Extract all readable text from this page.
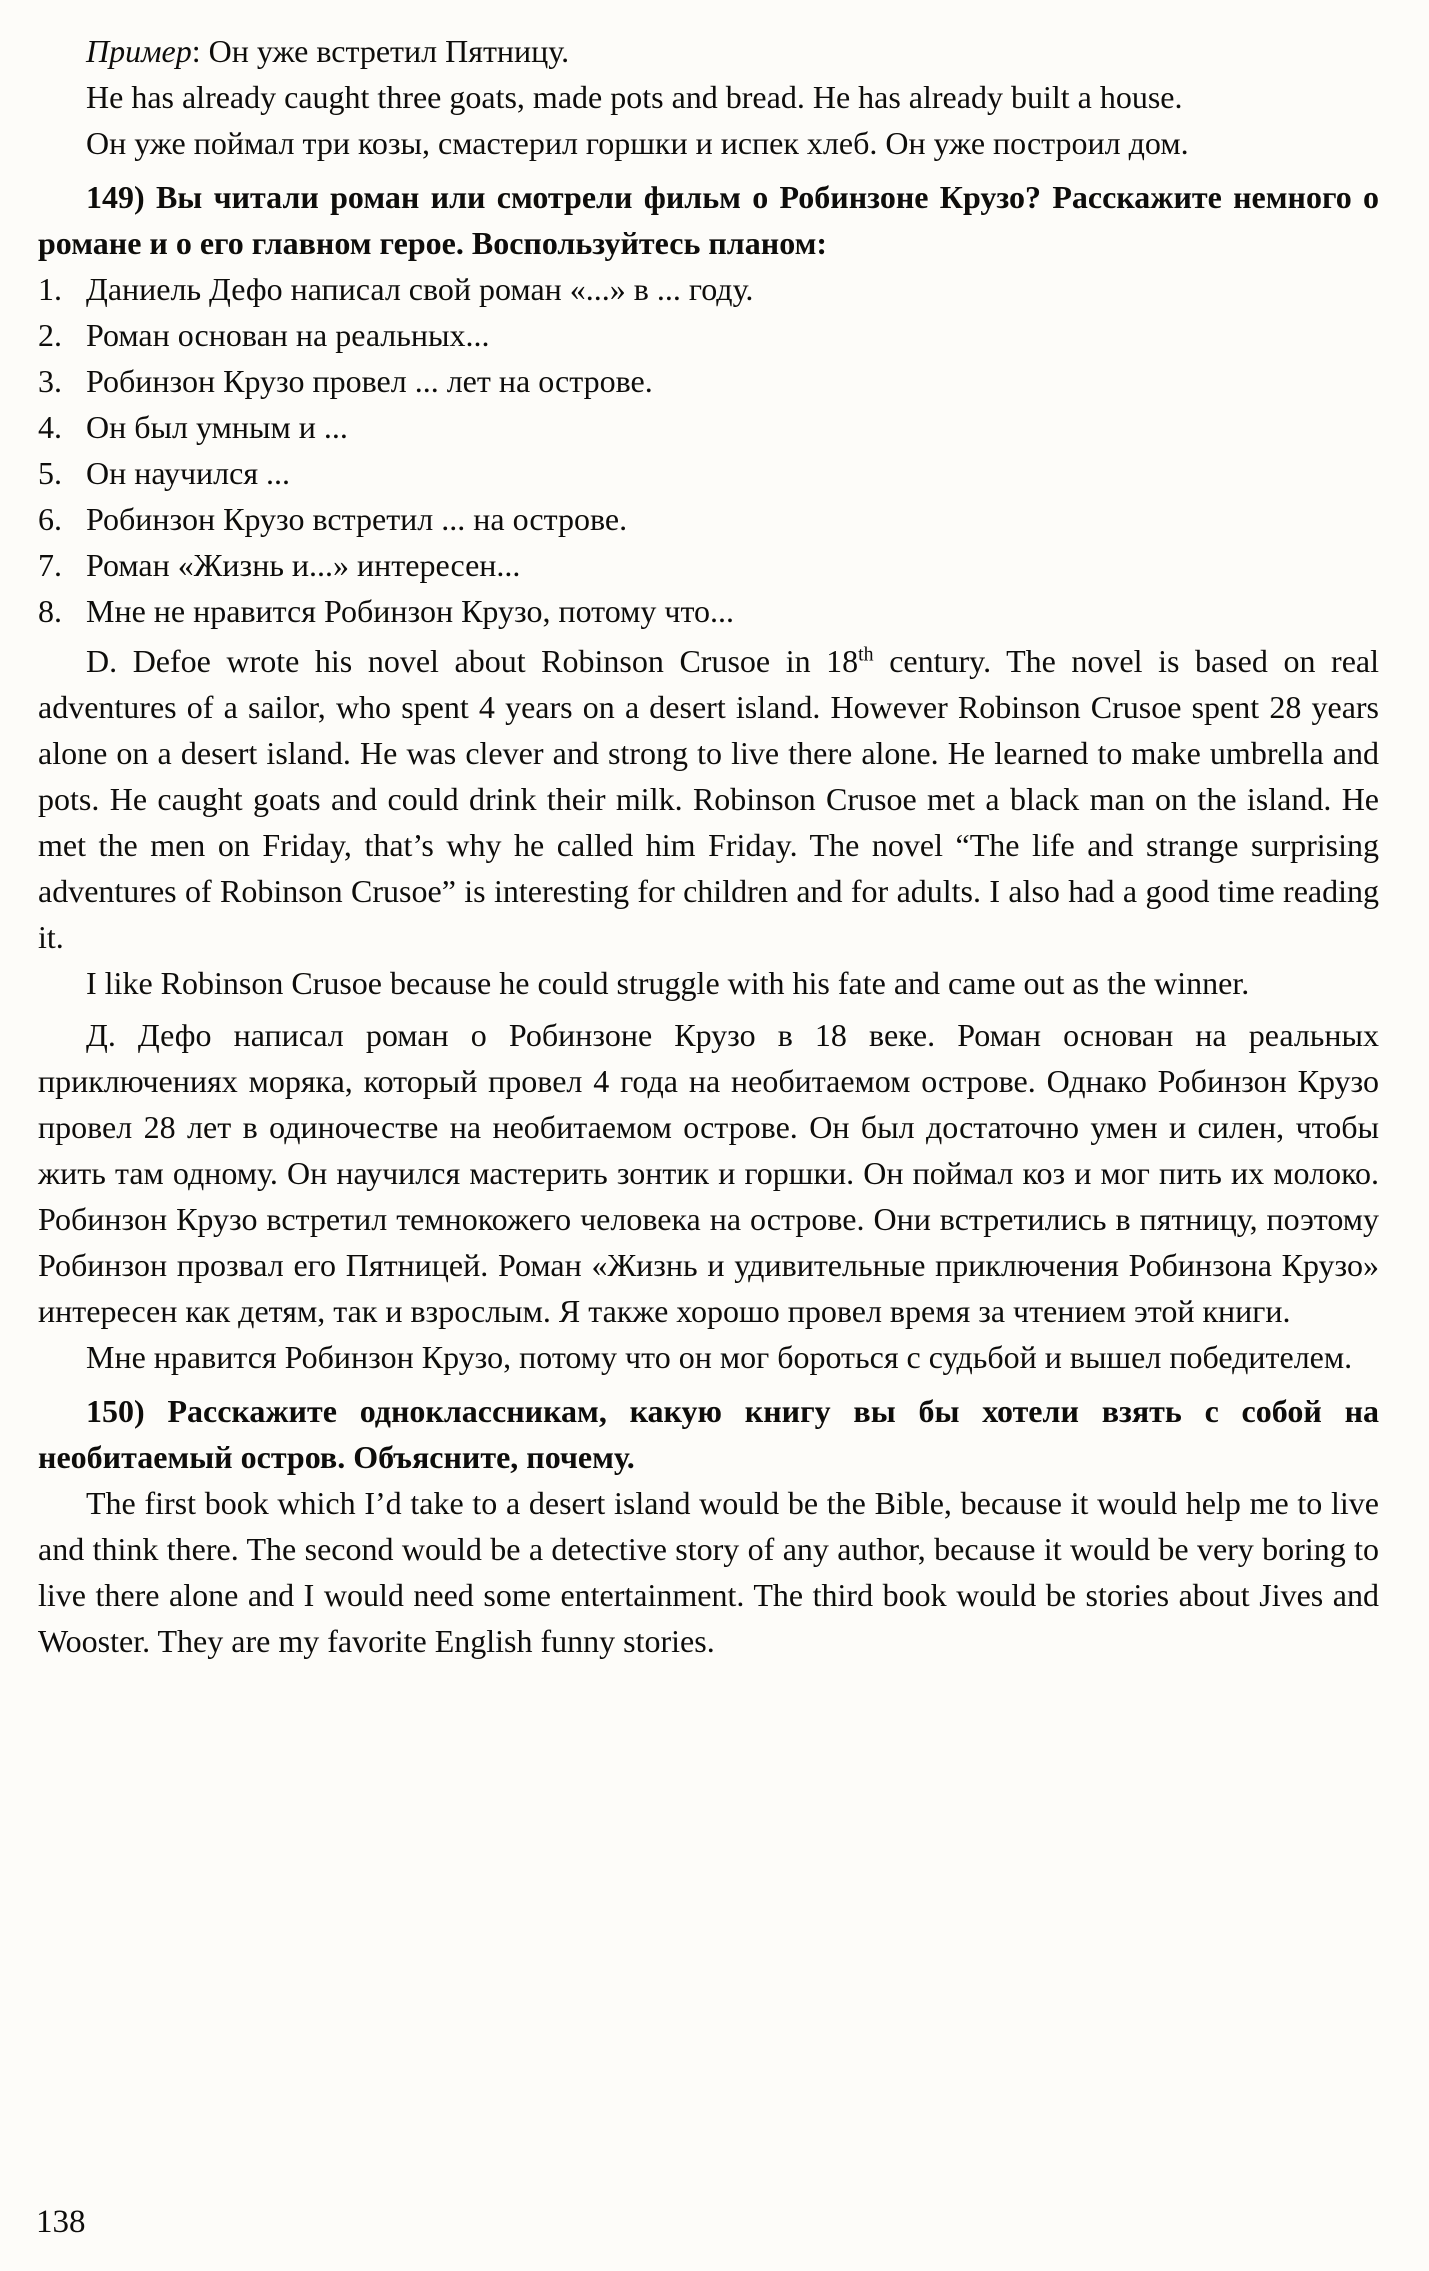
Пример: Он уже встретил Пятницу.

He has already caught three goats, made pots and bread. He has already built a house.

Он уже поймал три козы, смастерил горшки и испек хлеб. Он уже построил дом.

149) Вы читали роман или смотрели фильм о Робинзоне Крузо? Расскажите немного о романе и о его главном герое. Воспользуйтесь планом:

1. Даниель Дефо написал свой роман «...» в ... году.
2. Роман основан на реальных...
3. Робинзон Крузо провел ... лет на острове.
4. Он был умным и ...
5. Он научился ...
6. Робинзон Крузо встретил ... на острове.
7. Роман «Жизнь и...» интересен...
8. Мне не нравится Робинзон Крузо, потому что...

D. Defoe wrote his novel about Robinson Crusoe in 18th century. The novel is based on real adventures of a sailor, who spent 4 years on a desert island. However Robinson Crusoe spent 28 years alone on a desert island. He was clever and strong to live there alone. He learned to make umbrella and pots. He caught goats and could drink their milk. Robinson Crusoe met a black man on the island. He met the men on Friday, that’s why he called him Friday. The novel “The life and strange surprising adventures of Robinson Crusoe” is interesting for children and for adults. I also had a good time reading it.

I like Robinson Crusoe because he could struggle with his fate and came out as the winner.

Д. Дефо написал роман о Робинзоне Крузо в 18 веке. Роман основан на реальных приключениях моряка, который провел 4 года на необитаемом острове. Однако Робинзон Крузо провел 28 лет в одиночестве на необитаемом острове. Он был достаточно умен и силен, чтобы жить там одному. Он научился мастерить зонтик и горшки. Он поймал коз и мог пить их молоко. Робинзон Крузо встретил темнокожего человека на острове. Они встретились в пятницу, поэтому Робинзон прозвал его Пятницей. Роман «Жизнь и удивительные приключения Робинзона Крузо» интересен как детям, так и взрослым. Я также хорошо провел время за чтением этой книги.

Мне нравится Робинзон Крузо, потому что он мог бороться с судьбой и вышел победителем.

150) Расскажите одноклассникам, какую книгу вы бы хотели взять с собой на необитаемый остров. Объясните, почему.

The first book which I’d take to a desert island would be the Bible, because it would help me to live and think there. The second would be a detective story of any author, because it would be very boring to live there alone and I would need some entertainment. The third book would be stories about Jives and Wooster. They are my favorite English funny stories.

138
